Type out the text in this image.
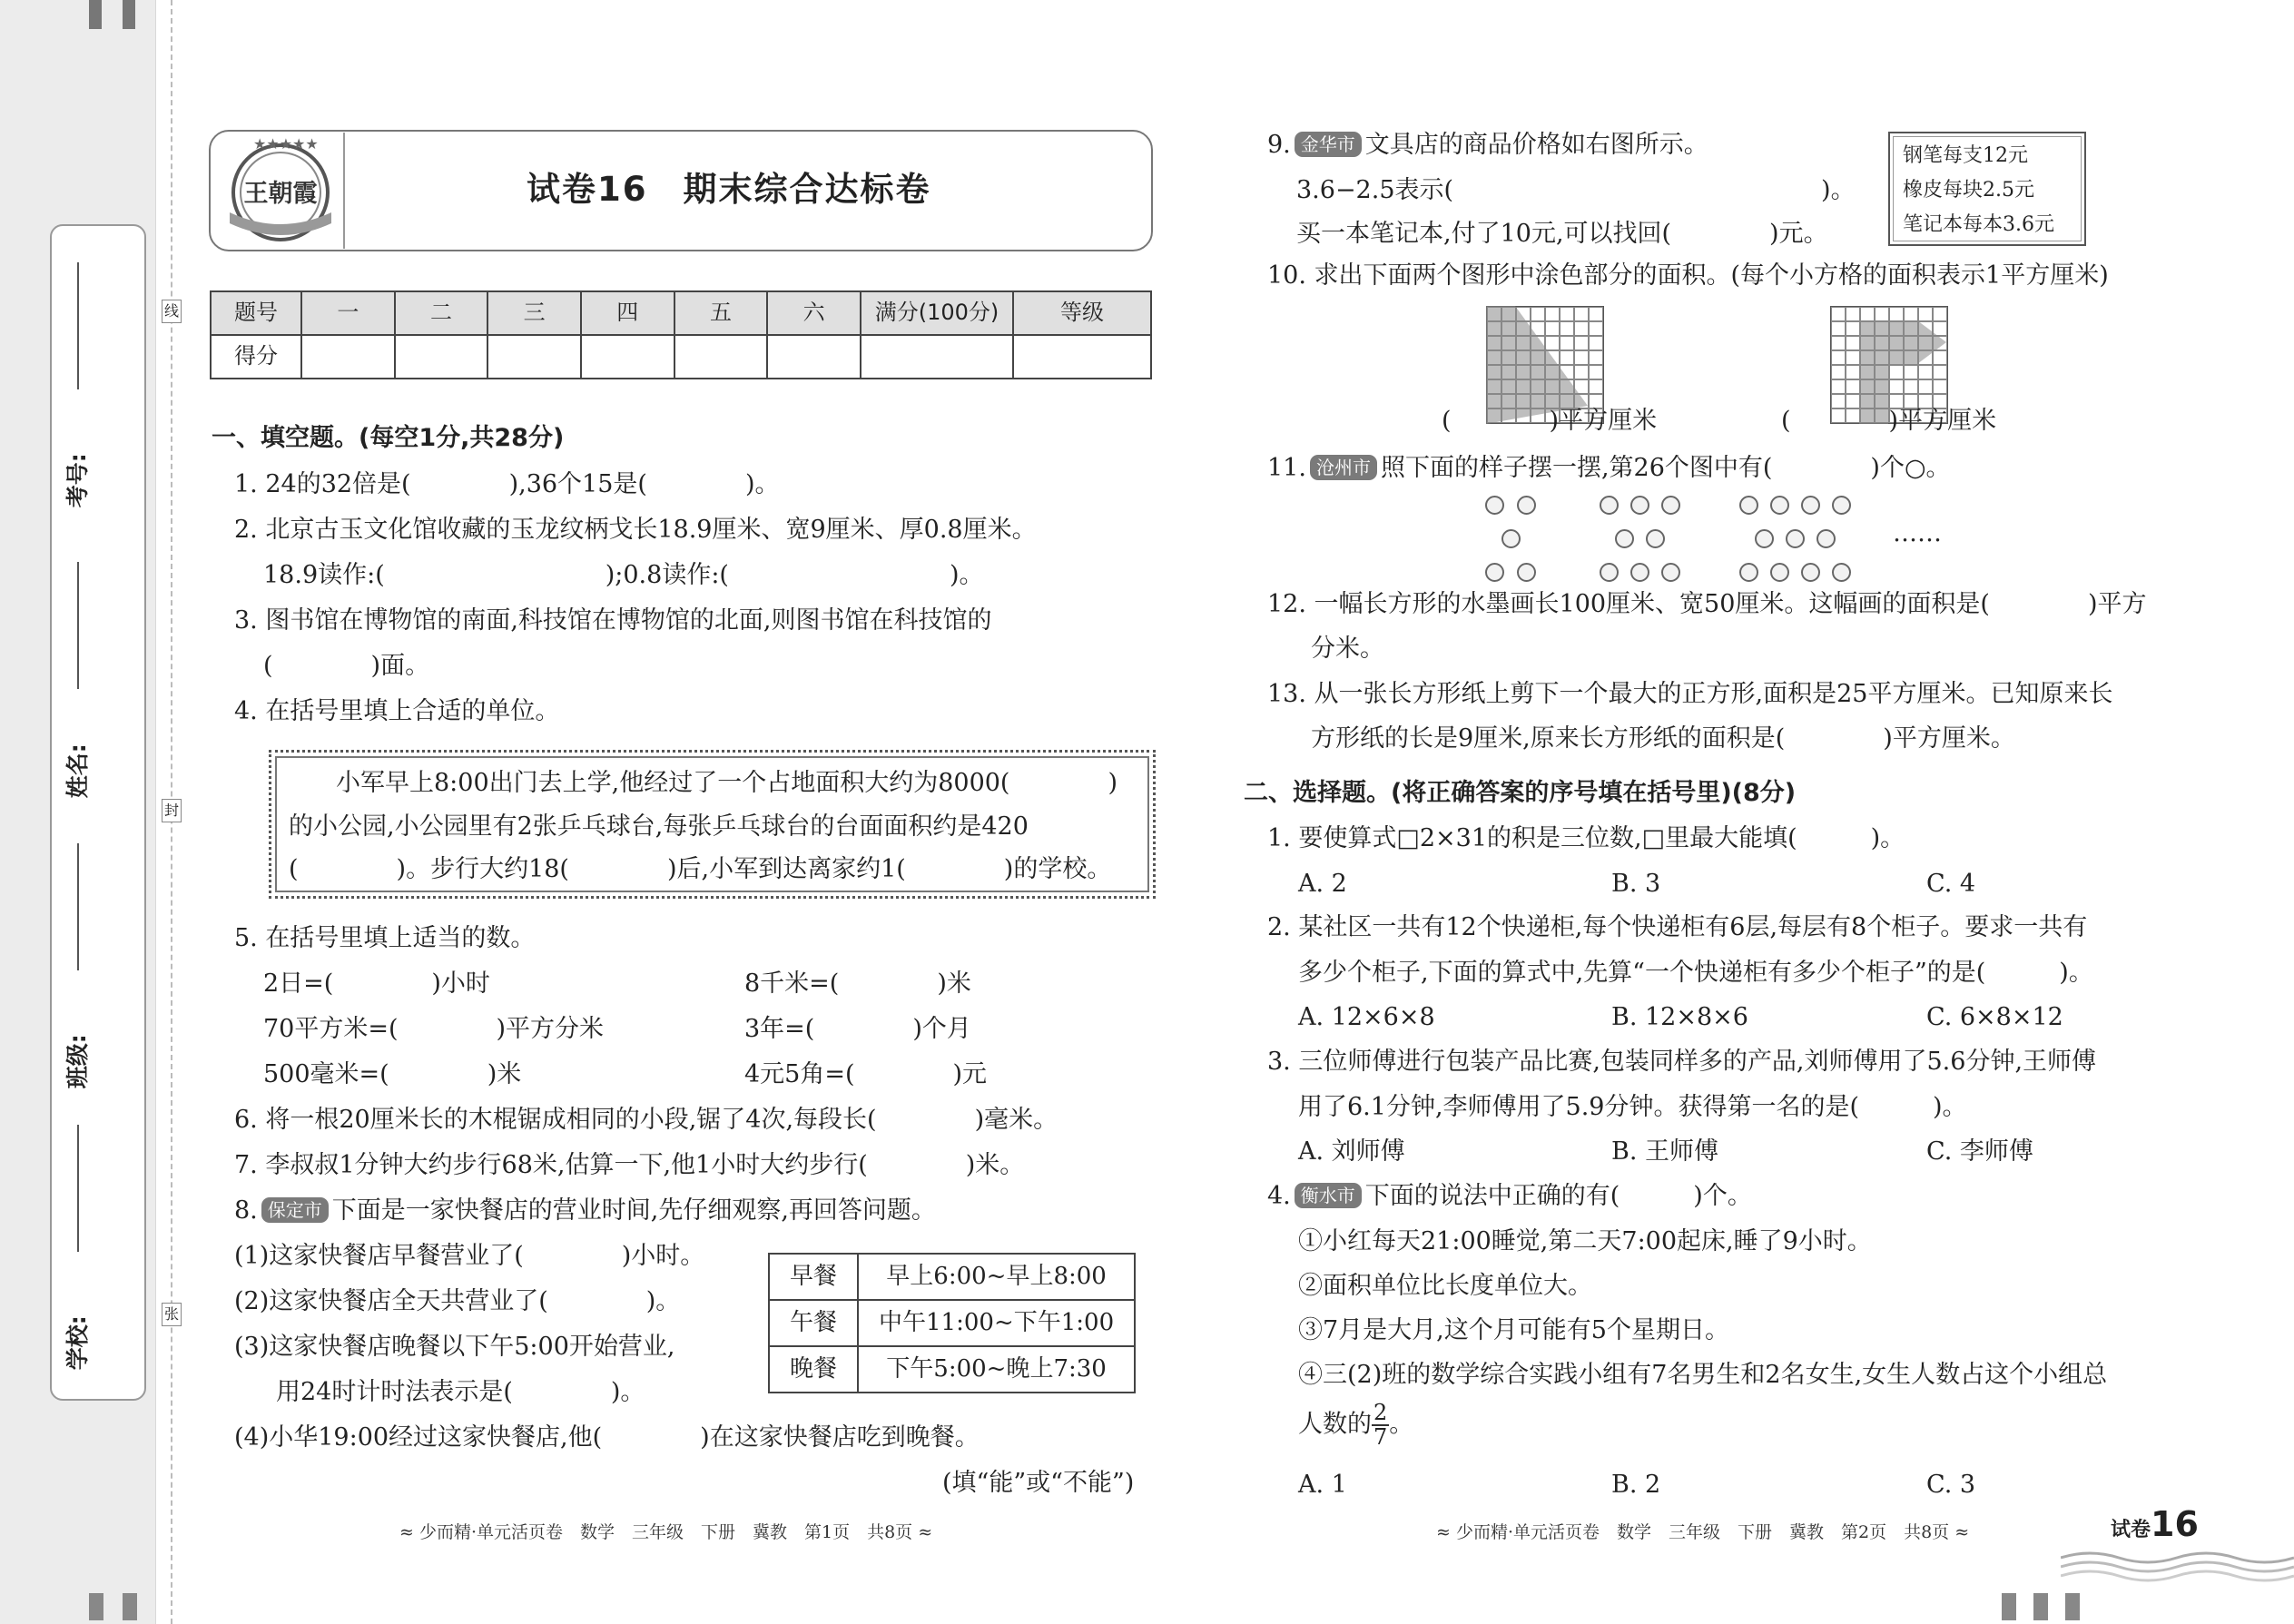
考号:
姓名:
班级:
学校:
线
封
张
★★★★★
王朝霞	试卷16　期末综合达标卷
题号	一	二	三	四	五	六	满分(100分)	等级
得分								
一、填空题。(每空1分,共28分)
1. 24的32倍是(　　　　),36个15是(　　　　)。
2. 北京古玉文化馆收藏的玉龙纹柄戈长18.9厘米、宽9厘米、厚0.8厘米。
18.9读作:(　　　　　　　　　);0.8读作:(　　　　　　　　　)。
3. 图书馆在博物馆的南面,科技馆在博物馆的北面,则图书馆在科技馆的
(　　　　)面。
4. 在括号里填上合适的单位。
小军早上8:00出门去上学,他经过了一个占地面积大约为8000(　　　　)
的小公园,小公园里有2张乒乓球台,每张乒乓球台的台面面积约是420
(　　　　)。步行大约18(　　　　)后,小军到达离家约1(　　　　)的学校。
5. 在括号里填上适当的数。
2日=(　　　　)小时	8千米=(　　　　)米
70平方米=(　　　　)平方分米	3年=(　　　　)个月
500毫米=(　　　　)米	4元5角=(　　　　)元
6. 将一根20厘米长的木棍锯成相同的小段,锯了4次,每段长(　　　　)毫米。
7. 李叔叔1分钟大约步行68米,估算一下,他1小时大约步行(　　　　)米。
8. 保定市 下面是一家快餐店的营业时间,先仔细观察,再回答问题。
(1)这家快餐店早餐营业了(　　　　)小时。
(2)这家快餐店全天共营业了(　　　　)。
(3)这家快餐店晚餐以下午5:00开始营业,
用24时计时法表示是(　　　　)。
(4)小华19:00经过这家快餐店,他(　　　　)在这家快餐店吃到晚餐。
(填“能”或“不能”)
早餐	早上6:00~早上8:00
午餐	中午11:00~下午1:00
晚餐	下午5:00~晚上7:30
≈ 少而精·单元活页卷　数学　三年级　下册　冀教　第1页　共8页 ≈
9. 金华市 文具店的商品价格如右图所示。
3.6−2.5表示(　　　　　　　　　　　　　　　)。
买一本笔记本,付了10元,可以找回(　　　　)元。
钢笔每支12元
橡皮每块2.5元
笔记本每本3.6元
10. 求出下面两个图形中涂色部分的面积。(每个小方格的面积表示1平方厘米)
(　　　　)平方厘米	(　　　　)平方厘米
11. 沧州市 照下面的样子摆一摆,第26个图中有(　　　　)个○。
……
12. 一幅长方形的水墨画长100厘米、宽50厘米。这幅画的面积是(　　　　)平方
分米。
13. 从一张长方形纸上剪下一个最大的正方形,面积是25平方厘米。已知原来长
方形纸的长是9厘米,原来长方形纸的面积是(　　　　)平方厘米。
二、选择题。(将正确答案的序号填在括号里)(8分)
1. 要使算式□2×31的积是三位数,□里最大能填(　　　)。
A. 2	B. 3	C. 4
2. 某社区一共有12个快递柜,每个快递柜有6层,每层有8个柜子。要求一共有
多少个柜子,下面的算式中,先算“一个快递柜有多少个柜子”的是(　　　)。
A. 12×6×8	B. 12×8×6	C. 6×8×12
3. 三位师傅进行包装产品比赛,包装同样多的产品,刘师傅用了5.6分钟,王师傅
用了6.1分钟,李师傅用了5.9分钟。获得第一名的是(　　　)。
A. 刘师傅	B. 王师傅	C. 李师傅
4. 衡水市 下面的说法中正确的有(　　　)个。
①小红每天21:00睡觉,第二天7:00起床,睡了9小时。
②面积单位比长度单位大。
③7月是大月,这个月可能有5个星期日。
④三(2)班的数学综合实践小组有7名男生和2名女生,女生人数占这个小组总
人数的 $\frac{2}{7}$ 。
A. 1	B. 2	C. 3
≈ 少而精·单元活页卷　数学　三年级　下册　冀教　第2页　共8页 ≈	试卷16
